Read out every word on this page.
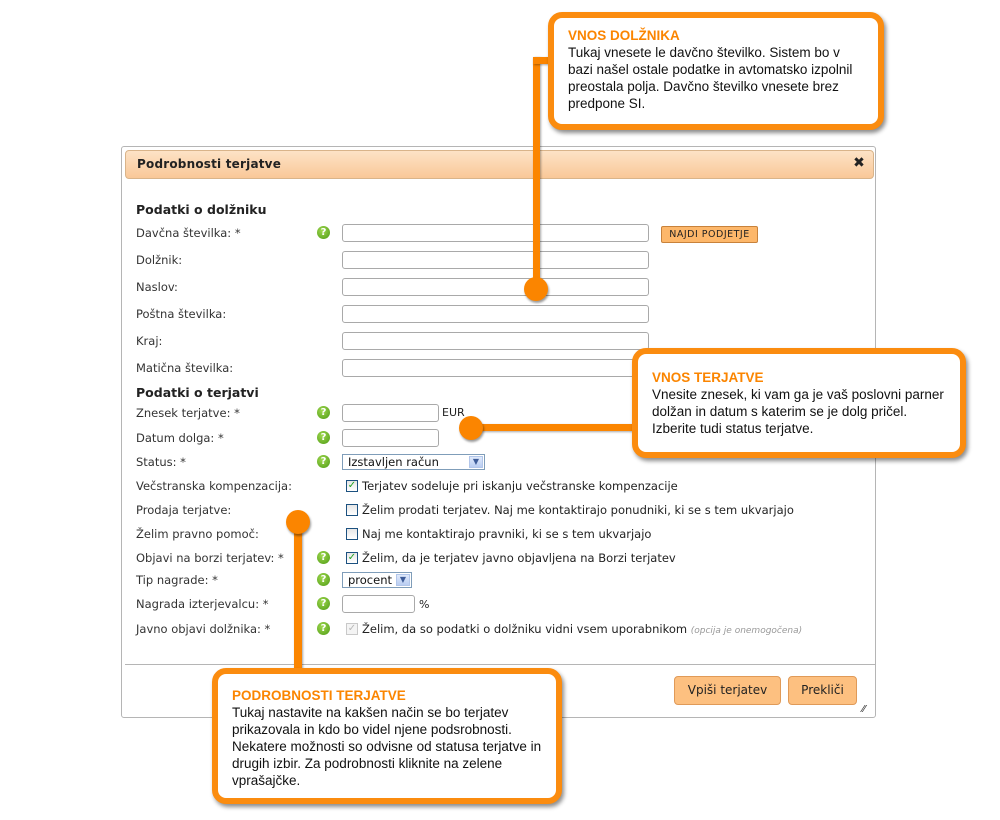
Podrobnosti terjatve	✖
Podatki o dolžniku
Davčna številka: *	?	NAJDI PODJETJE
Dolžnik:
Naslov:
Poštna številka:
Kraj:
Matična številka:
Podatki o terjatvi
Znesek terjatve: *	?	EUR
Datum dolga: *	?
Status: *	?	Izstavljen račun	▼
Večstranska kompenzacija:	✓ Terjatev sodeluje pri iskanju večstranske kompenzacije
Prodaja terjatve:	Želim prodati terjatev. Naj me kontaktirajo ponudniki, ki se s tem ukvarjajo
Želim pravno pomoč:	Naj me kontaktirajo pravniki, ki se s tem ukvarjajo
Objavi na borzi terjatev: *	?	✓ Želim, da je terjatev javno objavljena na Borzi terjatev
Tip nagrade: *	?	procent ▼
Nagrada izterjevalcu: *	?	%
Javno objavi dolžnika: *	?	✓ Želim, da so podatki o dolžniku vidni vsem uporabnikom (opcija je onemogočena)
Vpiši terjatev	Prekliči
⁄⁄
VNOS DOLŽNIKA
Tukaj vnesete le davčno številko. Sistem bo v bazi našel ostale podatke in avtomatsko izpolnil preostala polja. Davčno številko vnesete brez predpone SI.
VNOS TERJATVE
Vnesite znesek, ki vam ga je vaš poslovni parner dolžan in datum s katerim se je dolg pričel. Izberite tudi status terjatve.
PODROBNOSTI TERJATVE
Tukaj nastavite na kakšen način se bo terjatev prikazovala in kdo bo videl njene podsrobnosti. Nekatere možnosti so odvisne od statusa terjatve in drugih izbir. Za podrobnosti kliknite na zelene vprašajčke.
